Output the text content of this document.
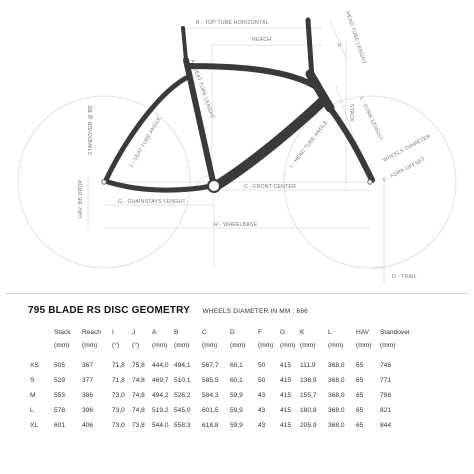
B - TOP TUBE HORIZONTAL
REACH
K HEAD TUBE LENGHT
A - SEAT TUBE LENGHT
STANDOVER @ BB	J - SEAT TUBE ANGLE
STACK L - FORK LENGHT
I - HEAD TUBE ANGLE	WHEELS DIAMETER
F - FORK OFFSET
HAV. BB DROP	G - CHAINSTAYS LENGHT
C - FRONT CENTER
H - WHEELBASE
D - TRAIL
795 BLADE RS DISC GEOMETRY WHEELS DIAMETER IN MM : 686
	Stack	Reach	I	J	A	B	C	D	F	G	K	L	HAV	Standover
	(mm)	(mm)	(°)	(°)	(mm)	(mm)	(mm)	(mm)	(mm)	(mm)	(mm)	(mm)	(mm)	(mm)
XS	505	367	71,8	75,8	444,0	494,1	567,7	60,1	50	415	111,9	368,0	65	748
S	529	377	71,8	74,8	469,7	510,1	585,5	60,1	50	415	136,9	368,0	65	771
M	553	386	73,0	74,8	494,2	526,2	584,3	59,9	43	415	155,7	368,0	65	798
L	578	396	73,0	74,8	519,2	545,0	601,5	59,9	43	415	180,8	368,0	65	821
XL	601	406	73,0	73,8	544,0	558,3	618,8	59,9	43	415	205,9	368,0	65	844
